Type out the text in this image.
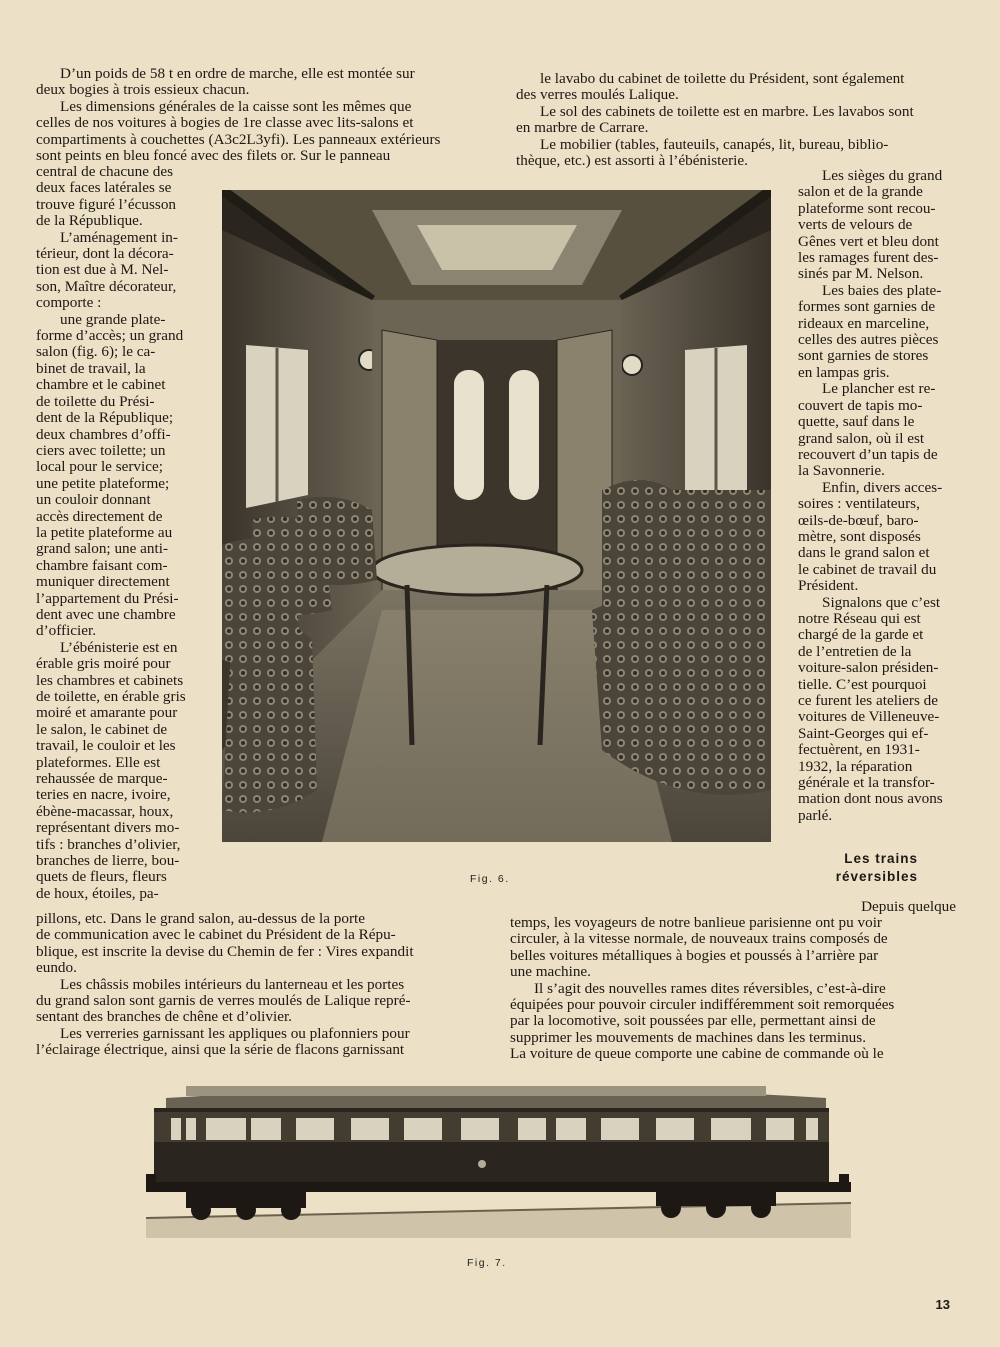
D’un poids de 58 t en ordre de marche, elle est montée sur
deux bogies à trois essieux chacun.
Les dimensions générales de la caisse sont les mêmes que
celles de nos voitures à bogies de 1re classe avec lits-salons et
compartiments à couchettes (A3c2L3yfi). Les panneaux extérieurs
sont peints en bleu foncé avec des filets or. Sur le panneau
central de chacune des
deux faces latérales se
trouve figuré l’écusson
de la République.
L’aménagement in-
térieur, dont la décora-
tion est due à M. Nel-
son, Maître décorateur,
comporte :
une grande plate-
forme d’accès; un grand
salon (fig. 6); le ca-
binet de travail, la
chambre et le cabinet
de toilette du Prési-
dent de la République;
deux chambres d’offi-
ciers avec toilette; un
local pour le service;
une petite plateforme;
un couloir donnant
accès directement de
la petite plateforme au
grand salon; une anti-
chambre faisant com-
muniquer directement
l’appartement du Prési-
dent avec une chambre
d’officier.
L’ébénisterie est en
érable gris moiré pour
les chambres et cabinets
de toilette, en érable gris
moiré et amarante pour
le salon, le cabinet de
travail, le couloir et les
plateformes. Elle est
rehaussée de marque-
teries en nacre, ivoire,
ébène-macassar, houx,
représentant divers mo-
tifs : branches d’olivier,
branches de lierre, bou-
quets de fleurs, fleurs
de houx, étoiles, pa-
pillons, etc. Dans le grand salon, au-dessus de la porte
de communication avec le cabinet du Président de la Répu-
blique, est inscrite la devise du Chemin de fer : Vires expandit
eundo.
Les châssis mobiles intérieurs du lanterneau et les portes
du grand salon sont garnis de verres moulés de Lalique repré-
sentant des branches de chêne et d’olivier.
Les verreries garnissant les appliques ou plafonniers pour
l’éclairage électrique, ainsi que la série de flacons garnissant
le lavabo du cabinet de toilette du Président, sont également
des verres moulés Lalique.
Le sol des cabinets de toilette est en marbre. Les lavabos sont
en marbre de Carrare.
Le mobilier (tables, fauteuils, canapés, lit, bureau, biblio-
thèque, etc.) est assorti à l’ébénisterie.
Les sièges du grand
salon et de la grande
plateforme sont recou-
verts de velours de
Gênes vert et bleu dont
les ramages furent des-
sinés par M. Nelson.
Les baies des plate-
formes sont garnies de
rideaux en marceline,
celles des autres pièces
sont garnies de stores
en lampas gris.
Le plancher est re-
couvert de tapis mo-
quette, sauf dans le
grand salon, où il est
recouvert d’un tapis de
la Savonnerie.
Enfin, divers acces-
soires : ventilateurs,
œils-de-bœuf, baro-
mètre, sont disposés
dans le grand salon et
le cabinet de travail du
Président.
Signalons que c’est
notre Réseau qui est
chargé de la garde et
de l’entretien de la
voiture-salon présiden-
tielle. C’est pourquoi
ce furent les ateliers de
voitures de Villeneuve-
Saint-Georges qui ef-
fectuèrent, en 1931-
1932, la réparation
générale et la transfor-
mation dont nous avons
parlé.
Les trains
réversibles
Depuis quelque
temps, les voyageurs de notre banlieue parisienne ont pu voir
circuler, à la vitesse normale, de nouveaux trains composés de
belles voitures métalliques à bogies et poussés à l’arrière par
une machine.
Il s’agit des nouvelles rames dites réversibles, c’est-à-dire
équipées pour pouvoir circuler indifféremment soit remorquées
par la locomotive, soit poussées par elle, permettant ainsi de
supprimer les mouvements de machines dans les terminus.
La voiture de queue comporte une cabine de commande où le
Fig. 6.
Fig. 7.
13
